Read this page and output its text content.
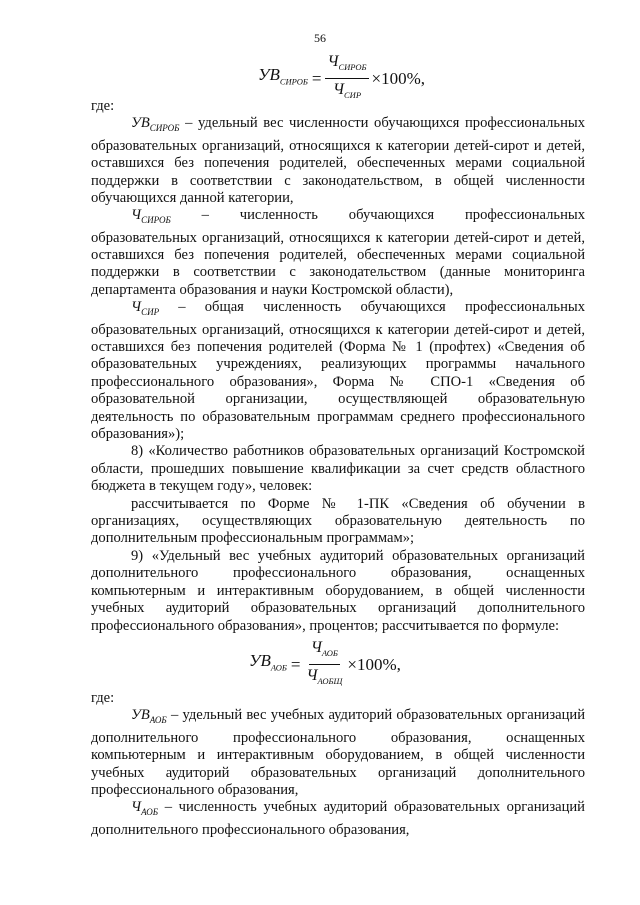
56
$УВ_{СИРОБ} = \frac{Ч_{СИРОБ}}{Ч_{СИР}} \times 100\%$,

где:

$УВ_{СИРОБ}$ – удельный вес численности обучающихся профессиональных образовательных организаций, относящихся к категории детей-сирот и детей, оставшихся без попечения родителей, обеспеченных мерами социальной поддержки в соответствии с законодательством, в общей численности обучающихся данной категории,

$Ч_{СИРОБ}$ – численность обучающихся профессиональных образовательных организаций, относящихся к категории детей-сирот и детей, оставшихся без попечения родителей, обеспеченных мерами социальной поддержки в соответствии с законодательством (данные мониторинга департамента образования и науки Костромской области),

$Ч_{СИР}$ – общая численность обучающихся профессиональных образовательных организаций, относящихся к категории детей-сирот и детей, оставшихся без попечения родителей (Форма № 1 (профтех) «Сведения об образовательных учреждениях, реализующих программы начального профессионального образования», Форма № СПО-1 «Сведения об образовательной организации, осуществляющей образовательную деятельность по образовательным программам среднего профессионального образования»);

8) «Количество работников образовательных организаций Костромской области, прошедших повышение квалификации за счет средств областного бюджета в текущем году», человек:

рассчитывается по Форме № 1-ПК «Сведения об обучении в организациях, осуществляющих образовательную деятельность по дополнительным профессиональным программам»;

9) «Удельный вес учебных аудиторий образовательных организаций дополнительного профессионального образования, оснащенных компьютерным и интерактивным оборудованием, в общей численности учебных аудиторий образовательных организаций дополнительного профессионального образования», процентов; рассчитывается по формуле:

$УВ_{АОБ} = \frac{Ч_{АОБ}}{Ч_{АОБЩ}} \times 100\%$,

где:

$УВ_{АОБ}$ – удельный вес учебных аудиторий образовательных организаций дополнительного профессионального образования, оснащенных компьютерным и интерактивным оборудованием, в общей численности учебных аудиторий образовательных организаций дополнительного профессионального образования,

$Ч_{АОБ}$ – численность учебных аудиторий образовательных организаций дополнительного профессионального образования,
